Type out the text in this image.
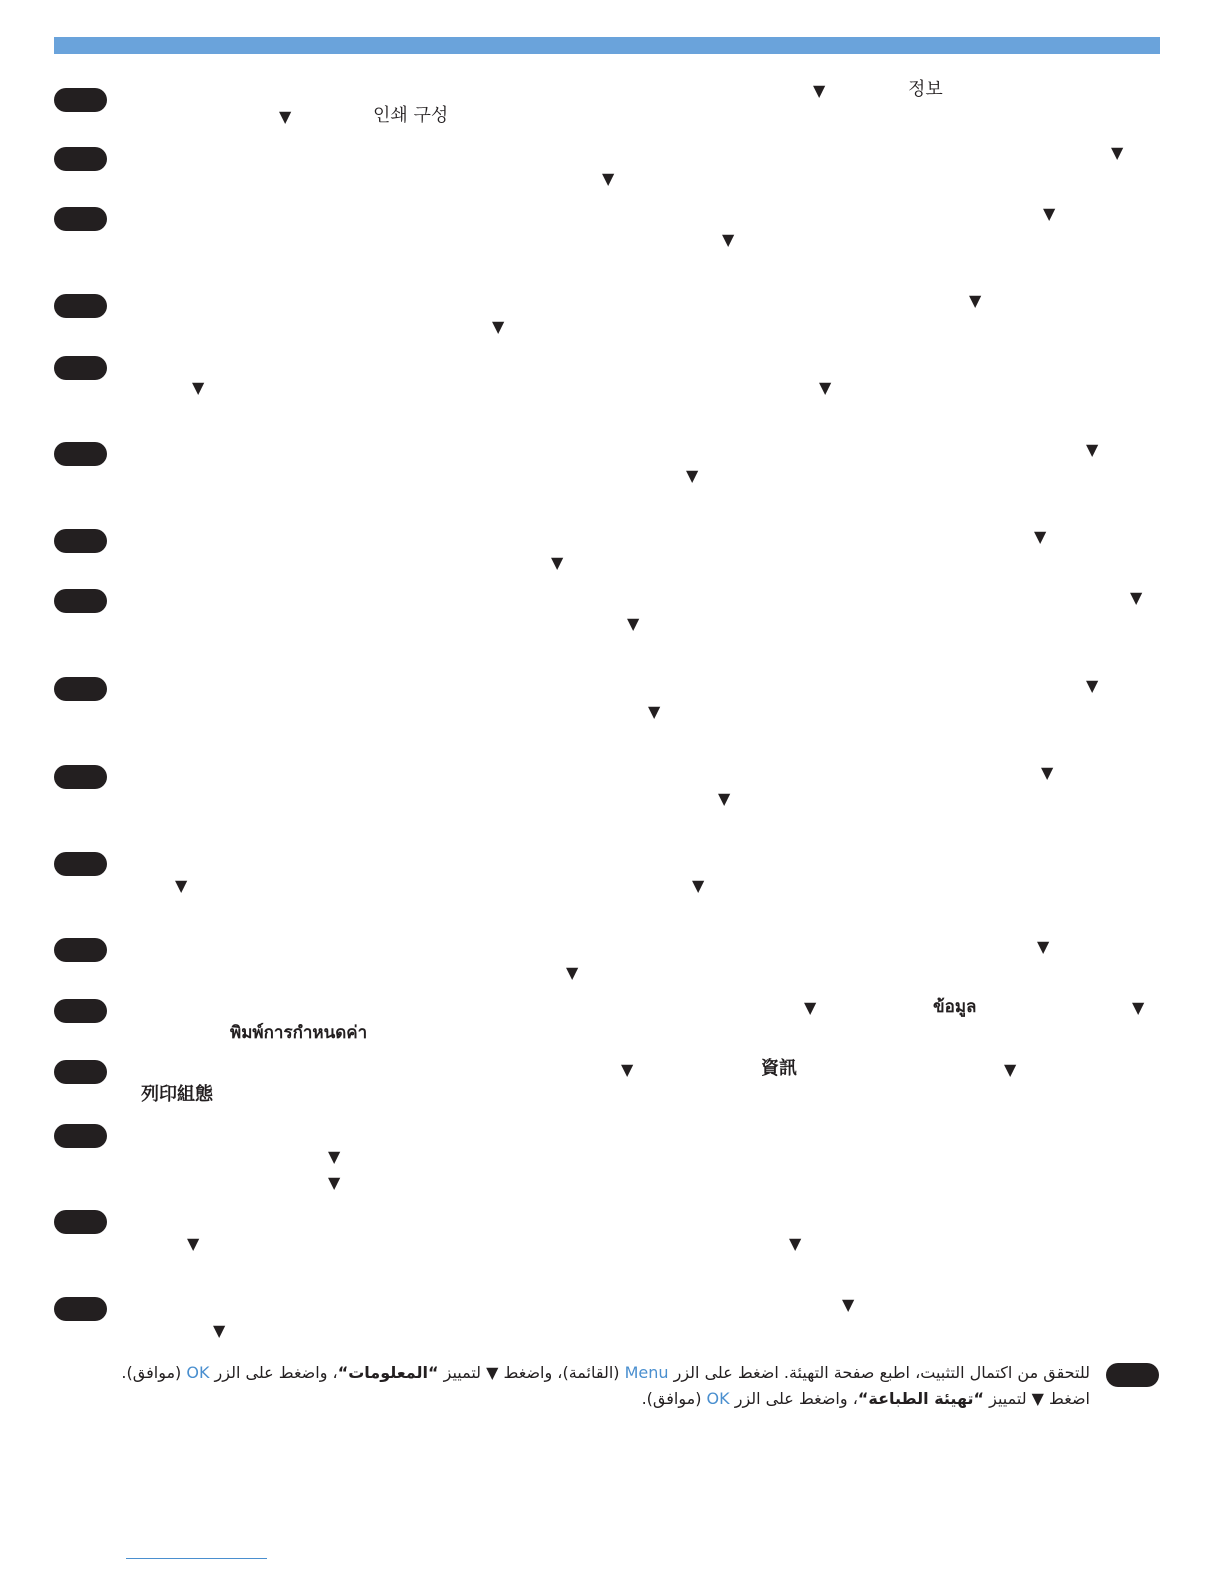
▼
▼
▼
▼
▼
▼
▼
▼
▼	▼
▼
▼
▼
▼
▼
▼
▼
▼
▼
▼
▼	▼
▼
▼
▼	▼
▼	▼
▼
▼
▼	▼
▼
▼
정보
인쇄 구성
ข้อมูล
พิมพ์การกำหนดค่า
資訊
列印組態
للتحقق من اكتمال التثبيت، اطبع صفحة التهيئة. اضغط على الزر Menu (القائمة)، واضغط ▼ لتمييز “المعلومات“، واضغط على الزر OK (موافق).
اضغط ▼ لتمييز “تهيئة الطباعة“، واضغط على الزر OK (موافق).
